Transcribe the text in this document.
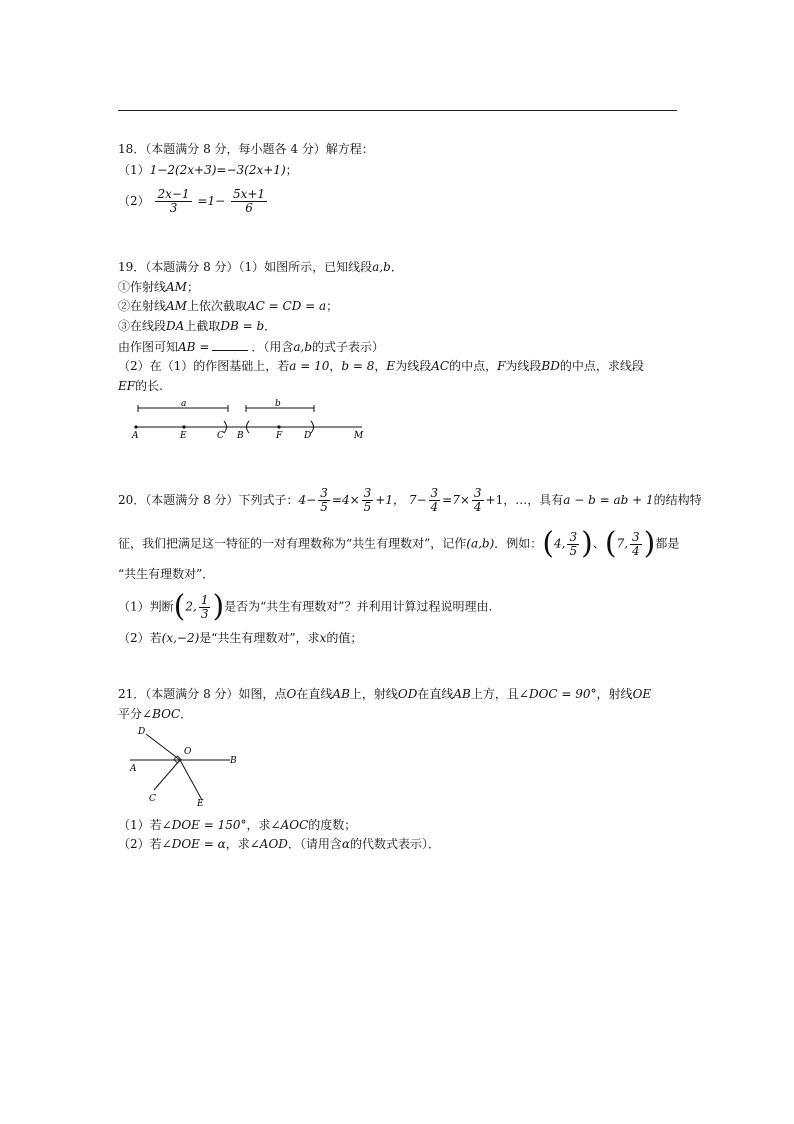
18．（本题满分 8 分，每小题各 4 分）解方程：
（1）1−2(2x+3)=−3(2x+1)；
$(2) \frac{2x-1}{3} =1- \frac{5x+1}{6}$
19．（本题满分 8 分）（1）如图所示，已知线段a,b．
①作射线AM；
②在射线AM上依次截取AC = CD = a；
③在线段DA上截取DB = b．
由作图可知AB =	．（用含a,b的式子表示）
（2）在（1）的作图基础上，若a = 10，b = 8，E为线段AC的中点，F为线段BD的中点，求线段
EF的长.
a	b
A	E	C B	F D	M
20．（本题满分 8 分）下列式子：$4- \frac{3}{5} =4\times \frac{3}{5} +1$， $7- \frac{3}{4} =7\times \frac{3}{4} +1$，…，具有a − b = ab + 1的结构特
征，我们把满足这一特征的一对有理数称为“共生有理数对”，记作(a,b)．例如：(4, $\frac{3}{5}$ )、(7, $\frac{3}{4}$ )都是
“共生有理数对”．
（1）判断(2, $\frac{1}{3}$ )是否为“共生有理数对”？并利用计算过程说明理由.
（2）若(x,−2)是“共生有理数对”，求x的值；
21．（本题满分 8 分）如图，点O在直线AB上，射线OD在直线AB上方，且∠DOC = 90°，射线OE
平分∠BOC．
D
O
A
B
C	E
（1）若∠DOE = 150°，求∠AOC的度数；
（2）若∠DOE = α，求∠AOD．（请用含α的代数式表示）．
